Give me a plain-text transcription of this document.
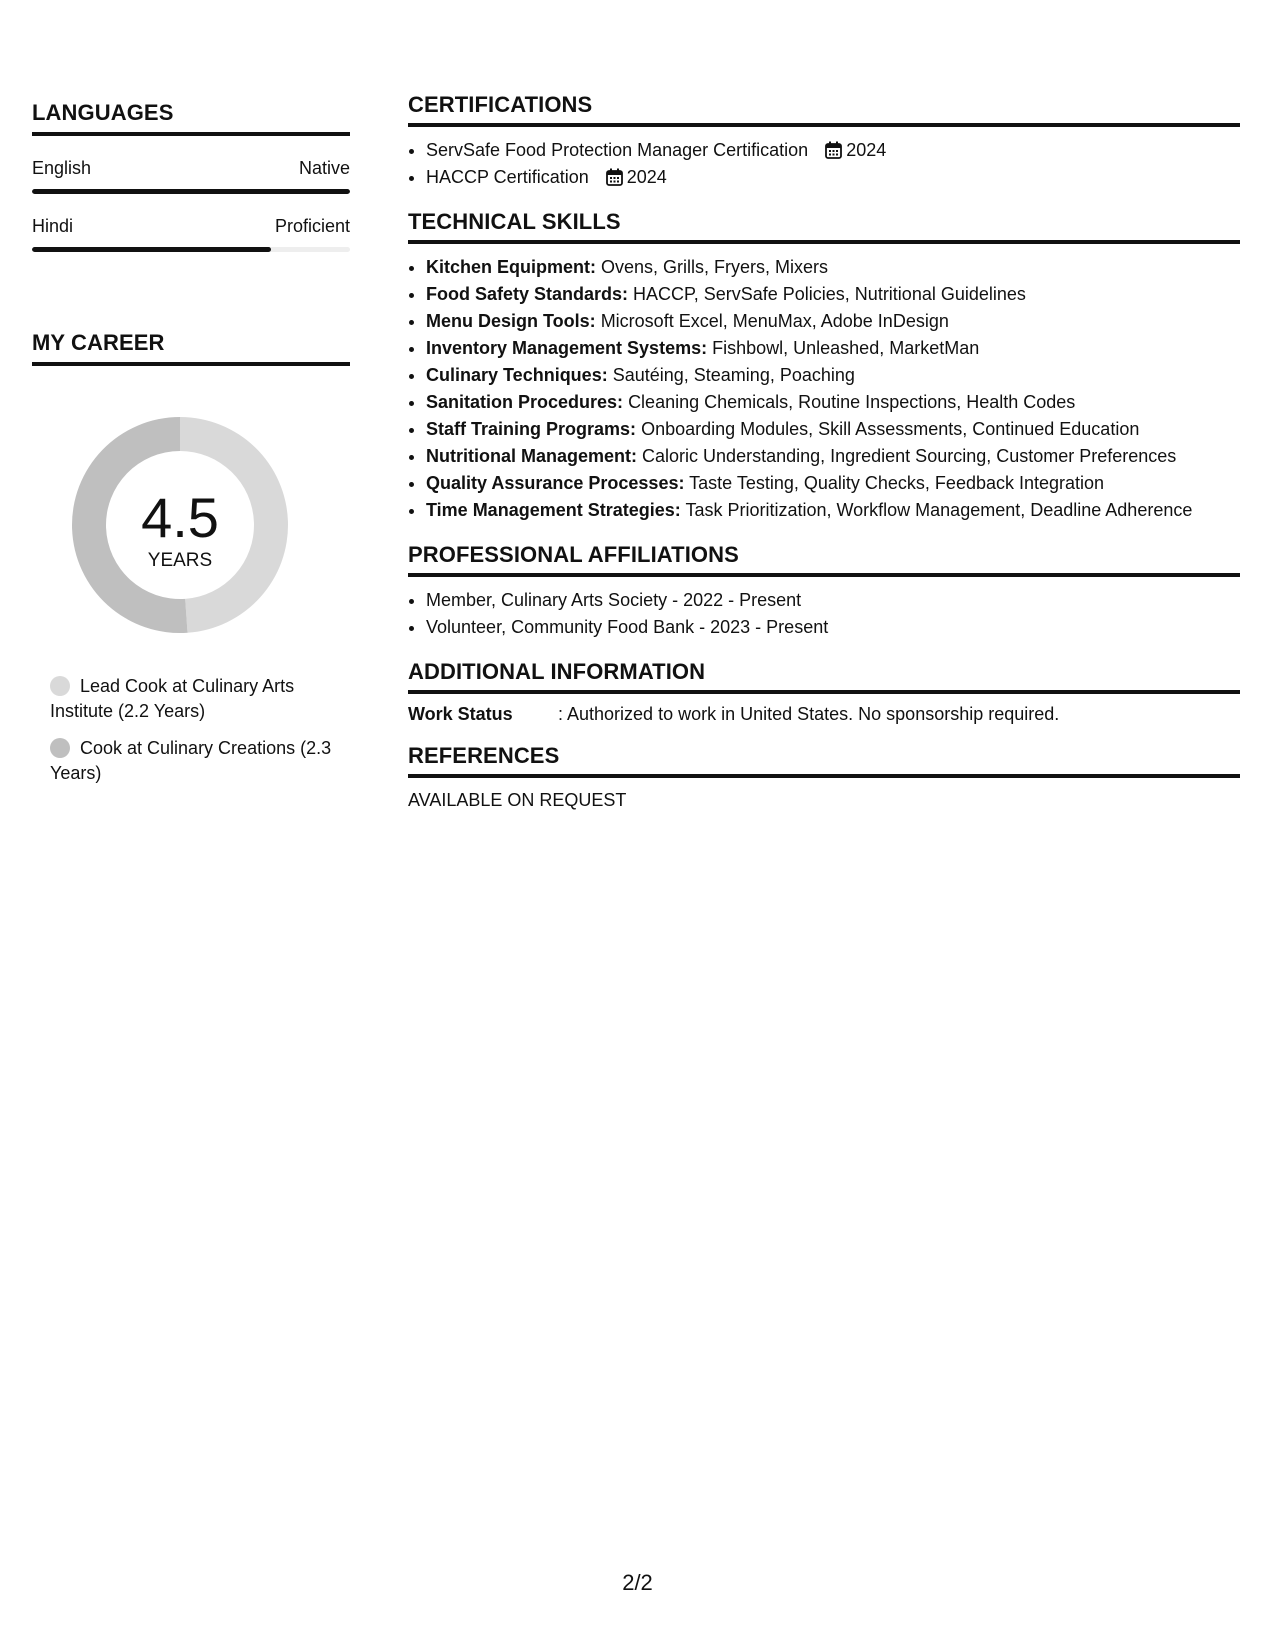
LANGUAGES
English	Native
Hindi	Proficient
MY CAREER
4.5
YEARS
Lead Cook at Culinary Arts Institute (2.2 Years)
Cook at Culinary Creations (2.3 Years)
CERTIFICATIONS
• ServSafe Food Protection Manager Certification 2024
• HACCP Certification 2024
TECHNICAL SKILLS
• Kitchen Equipment: Ovens, Grills, Fryers, Mixers
• Food Safety Standards: HACCP, ServSafe Policies, Nutritional Guidelines
• Menu Design Tools: Microsoft Excel, MenuMax, Adobe InDesign
• Inventory Management Systems: Fishbowl, Unleashed, MarketMan
• Culinary Techniques: Sautéing, Steaming, Poaching
• Sanitation Procedures: Cleaning Chemicals, Routine Inspections, Health Codes
• Staff Training Programs: Onboarding Modules, Skill Assessments, Continued Education
• Nutritional Management: Caloric Understanding, Ingredient Sourcing, Customer Preferences
• Quality Assurance Processes: Taste Testing, Quality Checks, Feedback Integration
• Time Management Strategies: Task Prioritization, Workflow Management, Deadline Adherence
PROFESSIONAL AFFILIATIONS
• Member, Culinary Arts Society - 2022 - Present
• Volunteer, Community Food Bank - 2023 - Present
ADDITIONAL INFORMATION
Work Status	: Authorized to work in United States. No sponsorship required.
REFERENCES
AVAILABLE ON REQUEST
2/2
